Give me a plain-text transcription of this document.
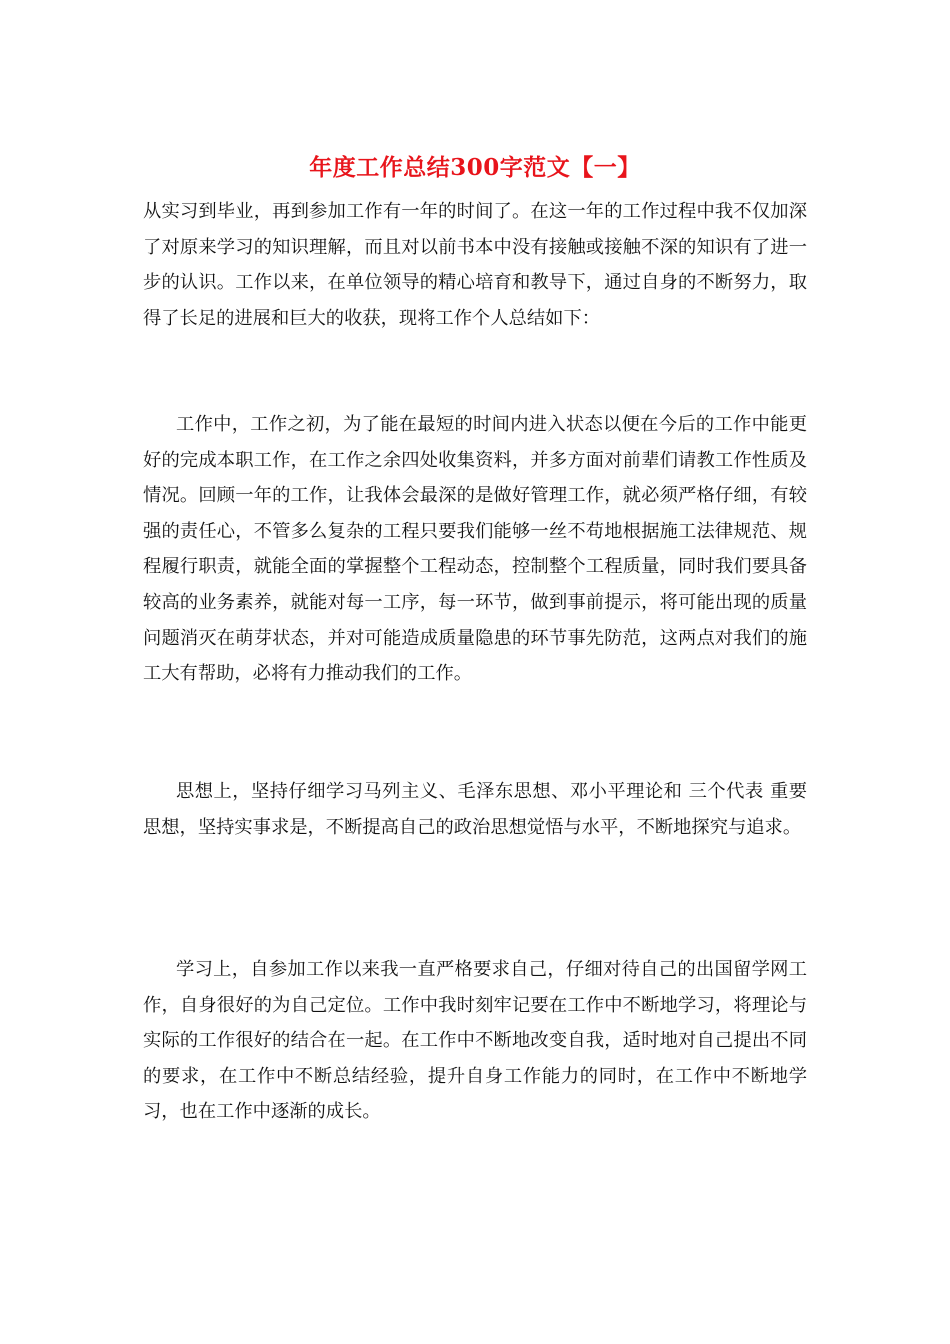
年度工作总结300字范文【一】

从实习到毕业，再到参加工作有一年的时间了。在这一年的工作过程中我不仅加深了对原来学习的知识理解，而且对以前书本中没有接触或接触不深的知识有了进一步的认识。工作以来，在单位领导的精心培育和教导下，通过自身的不断努力，取得了长足的进展和巨大的收获，现将工作个人总结如下：

工作中，工作之初，为了能在最短的时间内进入状态以便在今后的工作中能更好的完成本职工作，在工作之余四处收集资料，并多方面对前辈们请教工作性质及情况。回顾一年的工作，让我体会最深的是做好管理工作，就必须严格仔细，有较强的责任心，不管多么复杂的工程只要我们能够一丝不苟地根据施工法律规范、规程履行职责，就能全面的掌握整个工程动态，控制整个工程质量，同时我们要具备较高的业务素养，就能对每一工序，每一环节，做到事前提示，将可能出现的质量问题消灭在萌芽状态，并对可能造成质量隐患的环节事先防范，这两点对我们的施工大有帮助，必将有力推动我们的工作。

思想上，坚持仔细学习马列主义、毛泽东思想、邓小平理论和 三个代表 重要思想，坚持实事求是，不断提高自己的政治思想觉悟与水平，不断地探究与追求。

学习上，自参加工作以来我一直严格要求自己，仔细对待自己的出国留学网工作，自身很好的为自己定位。工作中我时刻牢记要在工作中不断地学习，将理论与实际的工作很好的结合在一起。在工作中不断地改变自我，适时地对自己提出不同的要求，在工作中不断总结经验，提升自身工作能力的同时，在工作中不断地学习，也在工作中逐渐的成长。
